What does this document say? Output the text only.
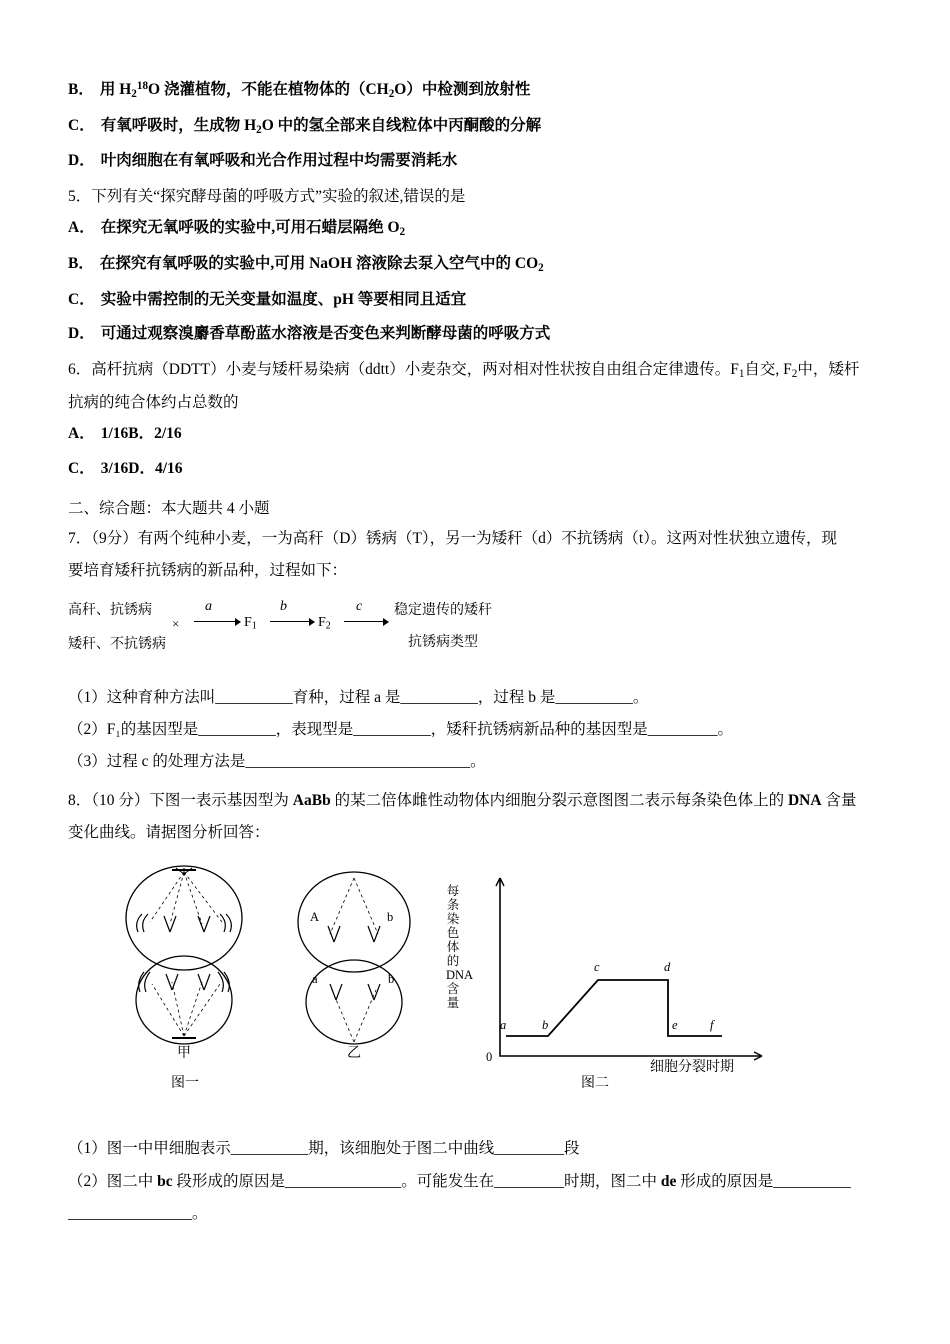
B． 用 $H_2^{18}O$ 浇灌植物，不能在植物体的$(CH_2O)$中检测到放射性
C． 有氧呼吸时，生成物 $H_2O$ 中的氢全部来自线粒体中丙酮酸的分解
D． 叶肉细胞在有氧呼吸和光合作用过程中均需要消耗水
5．下列有关“探究酵母菌的呼吸方式”实验的叙述,错误的是
A． 在探究无氧呼吸的实验中,可用石蜡层隔绝 $O_2$
B． 在探究有氧呼吸的实验中,可用 NaOH 溶液除去泵入空气中的 $CO_2$
C． 实验中需控制的无关变量如温度、pH 等要相同且适宜
D． 可通过观察溴麝香草酚蓝水溶液是否变色来判断酵母菌的呼吸方式
6．高杆抗病（DDTT）小麦与矮杆易染病（ddtt）小麦杂交，两对相对性状按自由组合定律遗传。$F_1$自交, $F_2$中，矮杆
抗病的纯合体约占总数的
A． 1/16B．2/16
C． 3/16D．4/16
二、综合题：本大题共 4 小题
7．（9分）有两个纯种小麦，一为高秆（D）锈病（T），另一为矮秆（d）不抗锈病（t）。这两对性状独立遗传，现
要培育矮秆抗锈病的新品种，过程如下：
高秆、抗锈病
矮秆、不抗锈病
×
a
$F_1$
b
$F_2$
c 稳定遗传的矮秆
抗锈病类型
（1）这种育种方法叫__________育种，过程 a 是__________，过程 b 是__________。
（2）F₁的基因型是__________，表现型是__________，矮秆抗锈病新品种的基因型是_________。
（3）过程 c 的处理方法是_____________________________。
8．（10 分）下图一表示基因型为 AaBb 的某二倍体雌性动物体内细胞分裂示意图图二表示每条染色体上的 DNA 含量
变化曲线。请据图分析回答：
甲	乙
图一	图二
A	b
a	b
每条染色体的DNA含量
0
细胞分裂时期
a	b
c	d
e	f
（1）图一中甲细胞表示__________期，该细胞处于图二中曲线_________段
（2）图二中 bc 段形成的原因是_______________。可能发生在_________时期，图二中 de 形成的原因是__________
________________。
